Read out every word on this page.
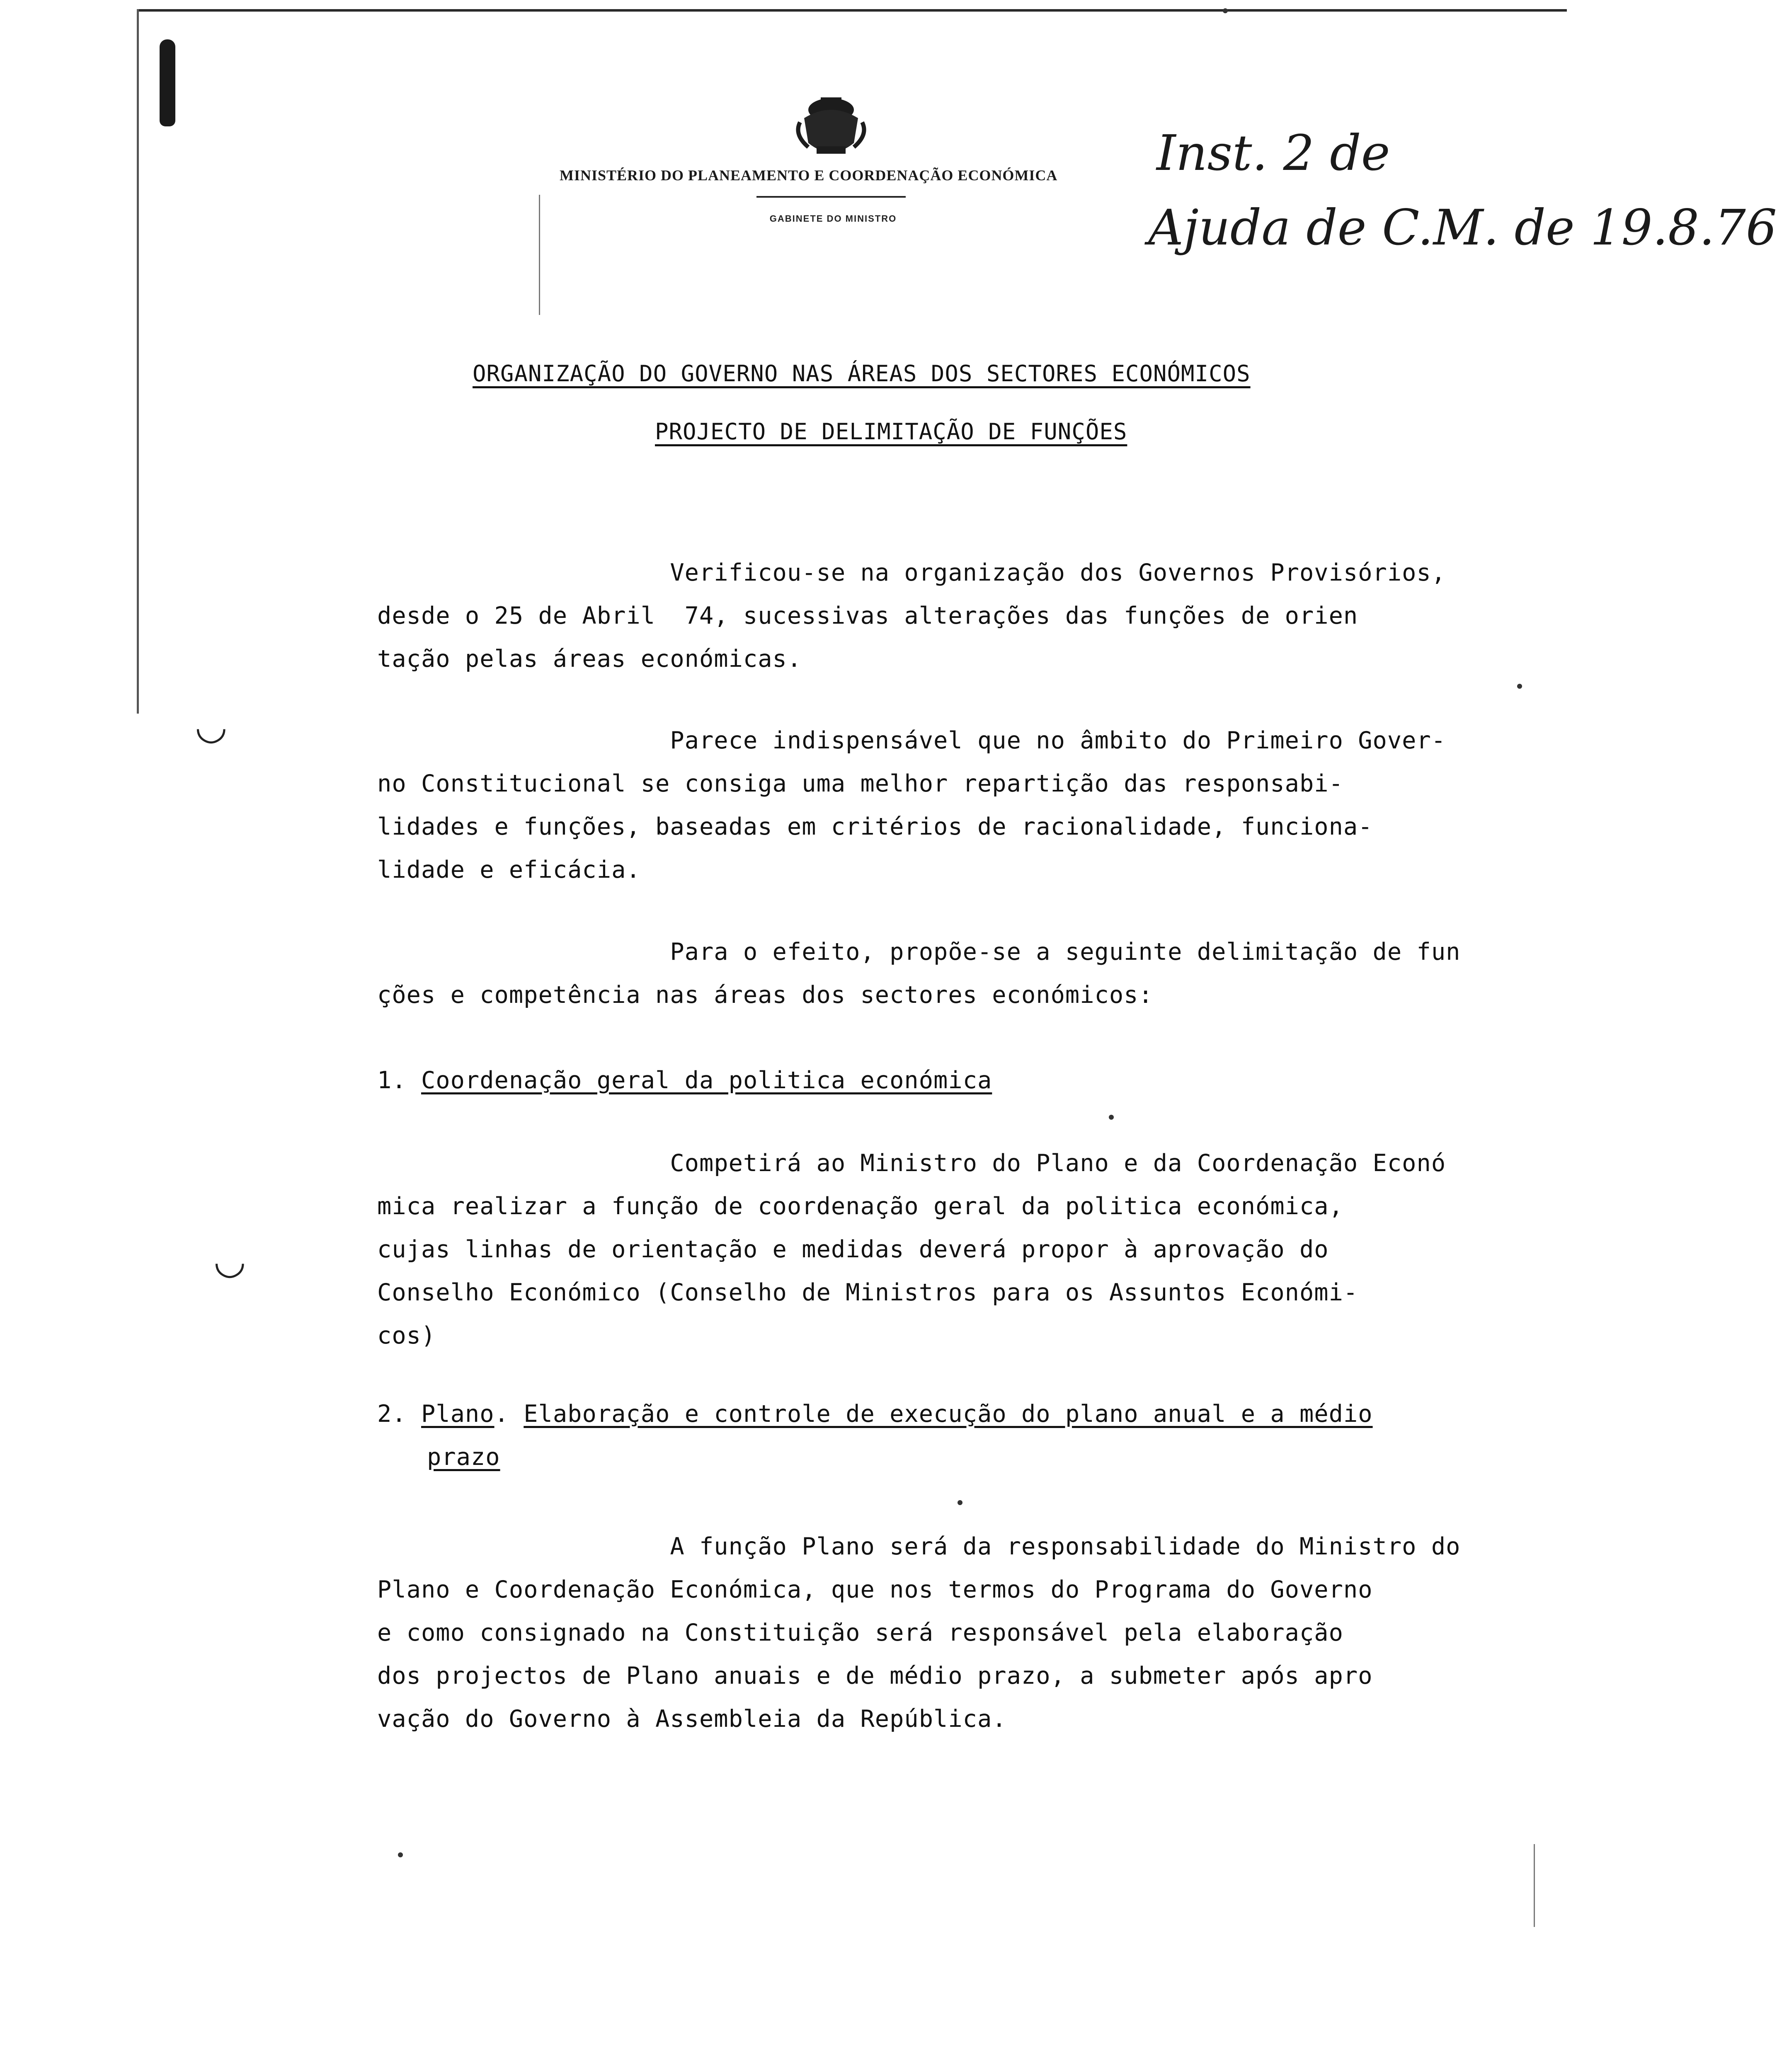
MINISTÉRIO DO PLANEAMENTO E COORDENAÇÃO ECONÓMICA
GABINETE DO MINISTRO
Inst. 2 de
Ajuda de C.M. de 19.8.76
ORGANIZAÇÃO DO GOVERNO NAS ÁREAS DOS SECTORES ECONÓMICOS
PROJECTO DE DELIMITAÇÃO DE FUNÇÕES
Verificou-se na organização dos Governos Provisórios,
desde o 25 de Abril  74, sucessivas alterações das funções de orien
tação pelas áreas económicas.
Parece indispensável que no âmbito do Primeiro Gover-
no Constitucional se consiga uma melhor repartição das responsabi-
lidades e funções, baseadas em critérios de racionalidade, funciona-
lidade e eficácia.
Para o efeito, propõe-se a seguinte delimitação de fun
ções e competência nas áreas dos sectores económicos:
1. Coordenação geral da politica económica
Competirá ao Ministro do Plano e da Coordenação Econó
mica realizar a função de coordenação geral da politica económica,
cujas linhas de orientação e medidas deverá propor à aprovação do
Conselho Económico (Conselho de Ministros para os Assuntos Económi-
cos)
2. Plano. Elaboração e controle de execução do plano anual e a médio
prazo
A função Plano será da responsabilidade do Ministro do
Plano e Coordenação Económica, que nos termos do Programa do Governo
e como consignado na Constituição será responsável pela elaboração
dos projectos de Plano anuais e de médio prazo, a submeter após apro
vação do Governo à Assembleia da República.
◡
◡
